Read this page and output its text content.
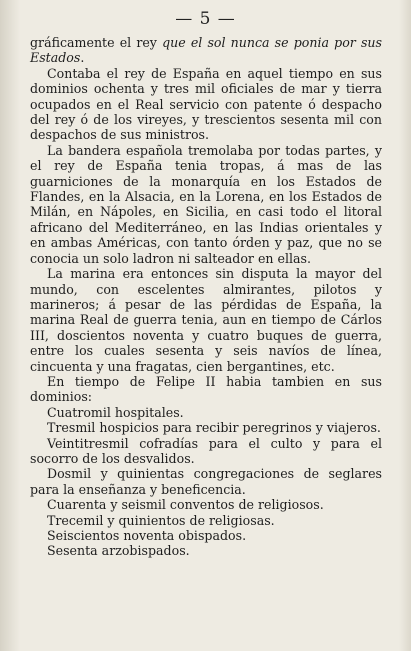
— 5 —

gráficamente el rey que el sol nunca se ponia por sus Estados.

Contaba el rey de España en aquel tiempo en sus dominios ochenta y tres mil oficiales de mar y tierra ocupados en el Real servicio con patente ó despacho del rey ó de los vireyes, y trescientos sesenta mil con despachos de sus ministros.

La bandera española tremolaba por todas partes, y el rey de España tenia tropas, á mas de las guarniciones de la monarquía en los Estados de Flandes, en la Alsacia, en la Lorena, en los Estados de Milán, en Nápoles, en Sicilia, en casi todo el litoral africano del Mediterráneo, en las Indias orientales y en ambas Américas, con tanto órden y paz, que no se conocia un solo ladron ni salteador en ellas.

La marina era entonces sin disputa la mayor del mundo, con escelentes almirantes, pilotos y marineros; á pesar de las pérdidas de España, la marina Real de guerra tenia, aun en tiempo de Cárlos III, doscientos noventa y cuatro buques de guerra, entre los cuales sesenta y seis navíos de línea, cincuenta y una fragatas, cien bergantines, etc.

En tiempo de Felipe II habia tambien en sus dominios:

Cuatromil hospitales.

Tresmil hospicios para recibir peregrinos y viajeros.

Veintitresmil cofradías para el culto y para el socorro de los desvalidos.

Dosmil y quinientas congregaciones de seglares para la enseñanza y beneficencia.

Cuarenta y seismil conventos de religiosos.

Trecemil y quinientos de religiosas.

Seiscientos noventa obispados.

Sesenta arzobispados.
